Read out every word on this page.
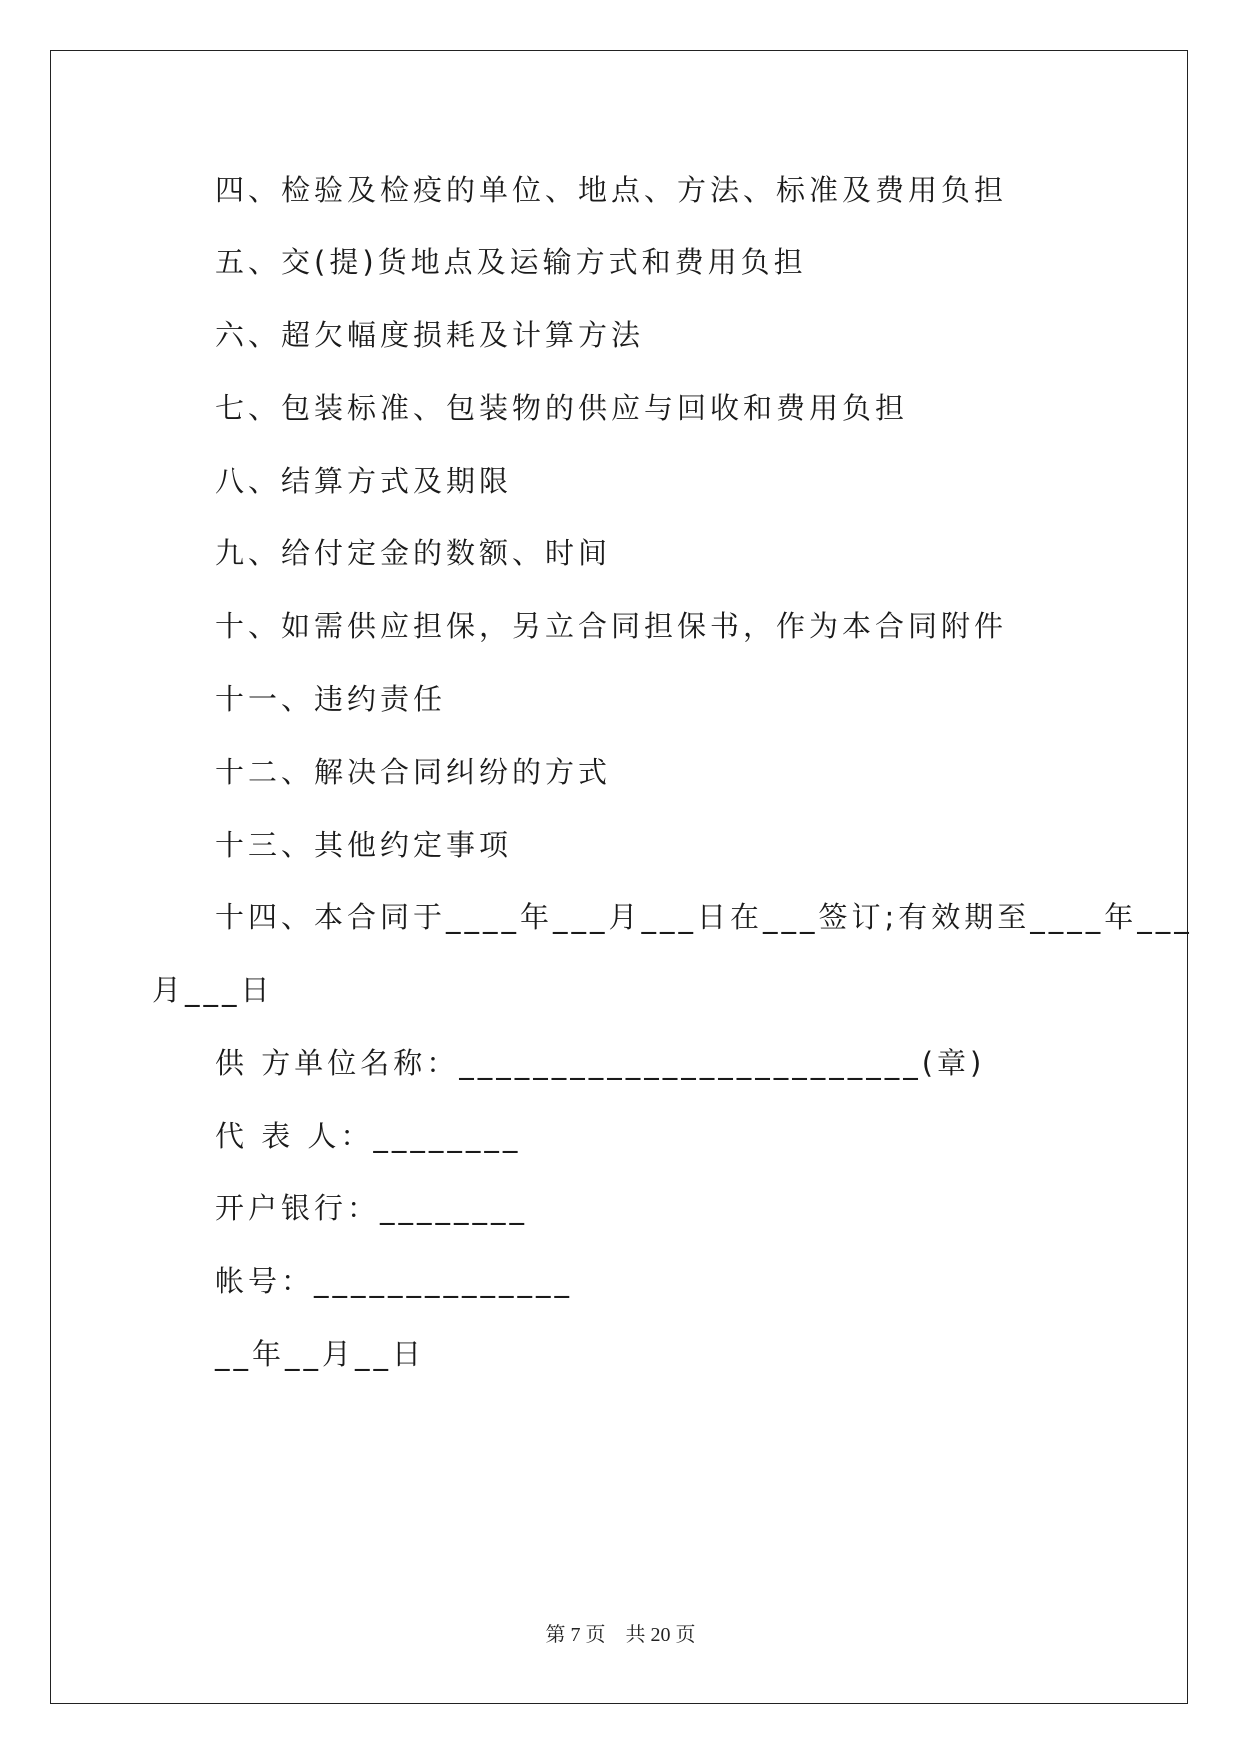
四、检验及检疫的单位、地点、方法、标准及费用负担
五、交(提)货地点及运输方式和费用负担
六、超欠幅度损耗及计算方法
七、包装标准、包装物的供应与回收和费用负担
八、结算方式及期限
九、给付定金的数额、时间
十、如需供应担保，另立合同担保书，作为本合同附件
十一、违约责任
十二、解决合同纠纷的方式
十三、其他约定事项
十四、本合同于____年___月___日在___签订;有效期至____年___
月___日
供 方单位名称：_________________________(章)
代 表 人：________
开户银行：________
帐号：______________
__年__月__日
第 7 页　共 20 页
